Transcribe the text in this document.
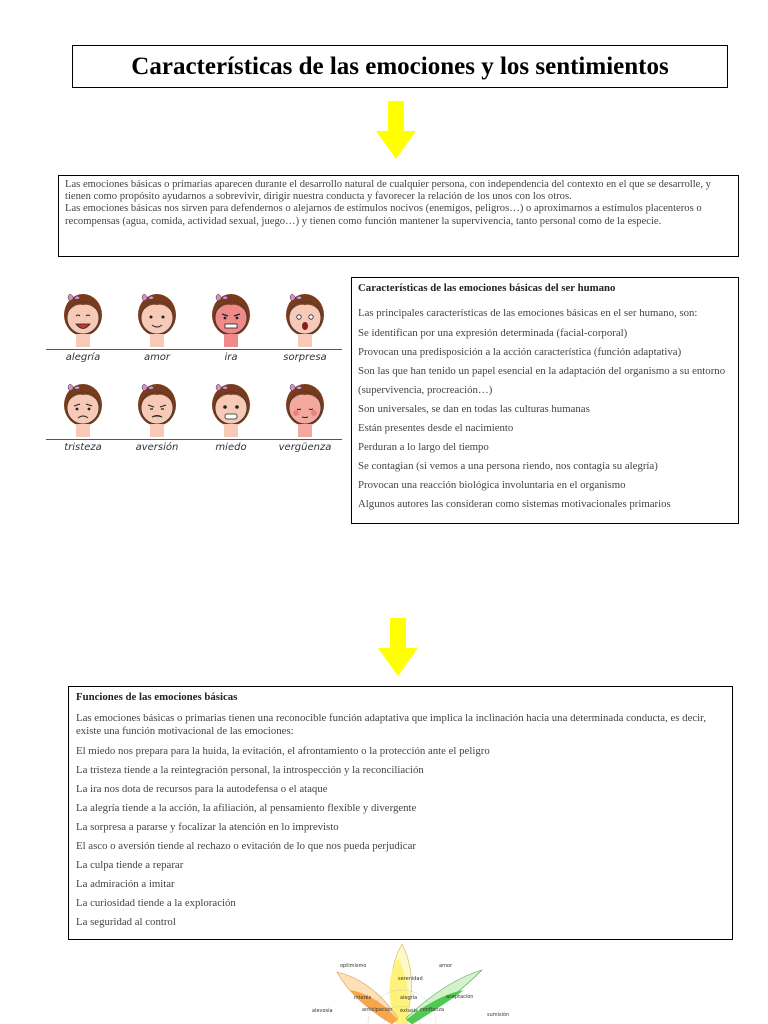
Características de las emociones y los sentimientos

Las emociones básicas o primarias aparecen durante el desarrollo natural de cualquier persona, con independencia del contexto en el que se desarrolle, y tienen como propósito ayudarnos a sobrevivir, dirigir nuestra conducta y favorecer la relación de los unos con los otros.

Las emociones básicas nos sirven para defendernos o alejarnos de estímulos nocivos (enemigos, peligros…) o aproximarnos a estímulos placenteros o recompensas (agua, comida, actividad sexual, juego…) y tienen como función mantener la supervivencia, tanto personal como de la especie.

alegría	amor	ira	sorpresa
tristeza	aversión	miedo	vergüenza
Características de las emociones básicas del ser humano
Las principales características de las emociones básicas en el ser humano, son:
Se identifican por una expresión determinada (facial-corporal)
Provocan una predisposición a la acción característica (función adaptativa)
Son las que han tenido un papel esencial en la adaptación del organismo a su entorno (supervivencia, procreación…)
Son universales, se dan en todas las culturas humanas
Están presentes desde el nacimiento
Perduran a lo largo del tiempo
Se contagian (si vemos a una persona riendo, nos contagia su alegría)
Provocan una reacción biológica involuntaria en el organismo
Algunos autores las consideran como sistemas motivacionales primarios
Funciones de las emociones básicas
Las emociones básicas o primarias tienen una reconocible función adaptativa que implica la inclinación hacia una determinada conducta, es decir, existe una función motivacional de las emociones:
El miedo nos prepara para la huida, la evitación, el afrontamiento o la protección ante el peligro
La tristeza tiende a la reintegración personal, la introspección y la reconciliación
La ira nos dota de recursos para la autodefensa o el ataque
La alegría tiende a la acción, la afiliación, al pensamiento flexible y divergente
La sorpresa a pararse y focalizar la atención en lo imprevisto
El asco o aversión tiende al rechazo o evitación de lo que nos pueda perjudicar
La culpa tiende a reparar
La admiración a imitar
La curiosidad tiende a la exploración
La seguridad al control
optimismo	amor
serenidad
alegría
interés	aceptación
anticipación éxtasis confianza
alevosía
sumisión
